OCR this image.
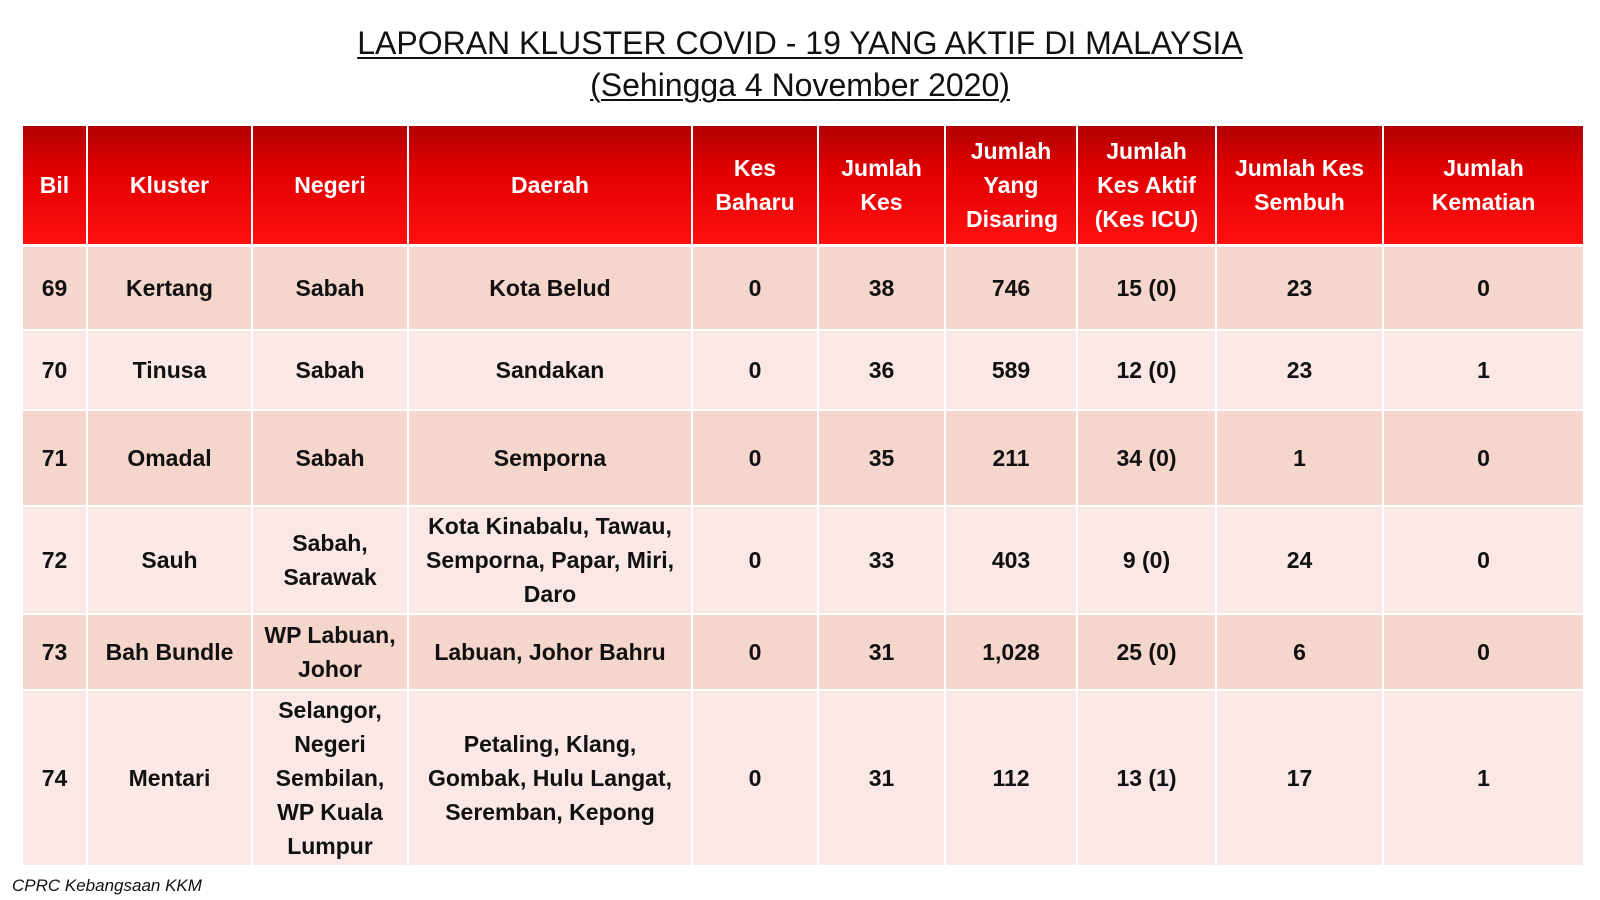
LAPORAN KLUSTER COVID - 19 YANG AKTIF DI MALAYSIA
(Sehingga 4 November 2020)
Bil	Kluster	Negeri	Daerah	Kes Baharu	Jumlah Kes	Jumlah Yang Disaring	Jumlah Kes Aktif (Kes ICU)	Jumlah Kes Sembuh	Jumlah Kematian
69	Kertang	Sabah	Kota Belud	0	38	746	15 (0)	23	0
70	Tinusa	Sabah	Sandakan	0	36	589	12 (0)	23	1
71	Omadal	Sabah	Semporna	0	35	211	34 (0)	1	0
72	Sauh	Sabah, Sarawak	Kota Kinabalu, Tawau, Semporna, Papar, Miri, Daro	0	33	403	9 (0)	24	0
73	Bah Bundle	WP Labuan, Johor	Labuan, Johor Bahru	0	31	1,028	25 (0)	6	0
74	Mentari	Selangor, Negeri Sembilan, WP Kuala Lumpur	Petaling, Klang, Gombak, Hulu Langat, Seremban, Kepong	0	31	112	13 (1)	17	1
CPRC Kebangsaan KKM
